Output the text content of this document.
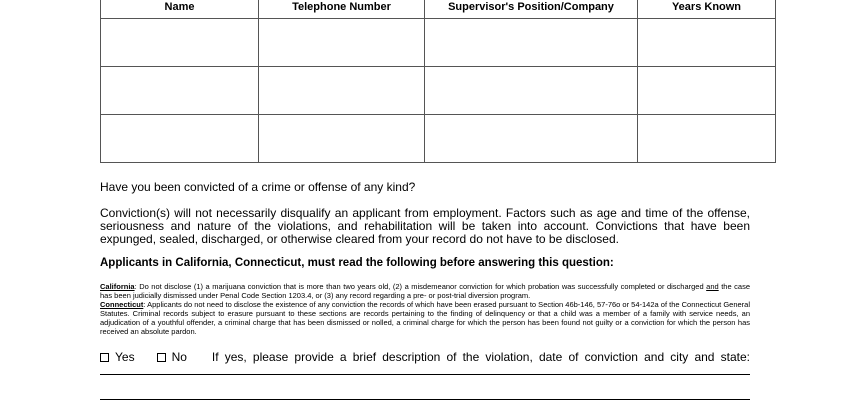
Name	Telephone Number	Supervisor's Position/Company	Years Known

Have you been convicted of a crime or offense of any kind?

Conviction(s) will not necessarily disqualify an applicant from employment. Factors such as age and time of the offense, seriousness and nature of the violations, and rehabilitation will be taken into account. Convictions that have been expunged, sealed, discharged, or otherwise cleared from your record do not have to be disclosed.

Applicants in California, Connecticut, must read the following before answering this question:

California: Do not disclose (1) a marijuana conviction that is more than two years old, (2) a misdemeanor conviction for which probation was successfully completed or discharged and the case has been judicially dismissed under Penal Code Section 1203.4, or (3) any record regarding a pre- or post-trial diversion program.
Connecticut: Applicants do not need to disclose the existence of any conviction the records of which have been erased pursuant to Section 46b-146, 57-76o or 54-142a of the Connecticut General Statutes. Criminal records subject to erasure pursuant to these sections are records pertaining to the finding of delinquency or that a child was a member of a family with service needs, an adjudication of a youthful offender, a criminal charge that has been dismissed or nolled, a criminal charge for which the person has been found not guilty or a conviction for which the person has received an absolute pardon.

Yes	No If yes, please provide a brief description of the violation, date of conviction and city and state:
